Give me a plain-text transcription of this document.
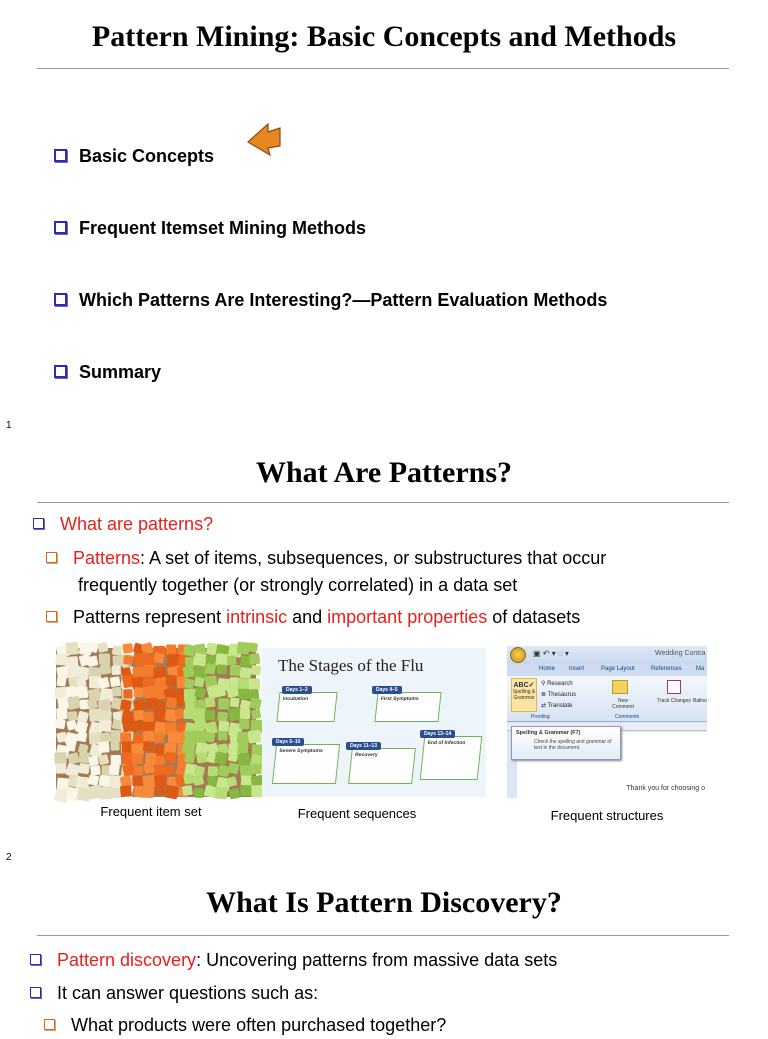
Pattern Mining: Basic Concepts and Methods
Basic Concepts
Frequent Itemset Mining Methods
Which Patterns Are Interesting?—Pattern Evaluation Methods
Summary
1
What Are Patterns?
What are patterns?
Patterns: A set of items, subsequences, or substructures that occur
frequently together (or strongly correlated) in a data set
Patterns represent intrinsic and important properties of datasets
Frequent item set
The Stages of the Flu
Incubation
Days 1–3
First Symptoms
Days 4–5
Severe Symptoms
Days 6–10
Recovery
Days 11–13	End of Infection
Days 13–14
Frequent sequences
▣ ↶ ▾ ◌ ▾	Wedding Contra
Home Insert	Page Layout	References Ma
ABC✓
Spelling & Grammar
⚲ Research
≣ Thesaurus
⇄ Translate
New Comment
Track Changes Balloo
Proofing	Comments
Thank you for choosing o
Spelling & Grammar (F7)
Check the spelling and grammar of text in the document.
Frequent structures
2
What Is Pattern Discovery?
Pattern discovery: Uncovering patterns from massive data sets
It can answer questions such as:
What products were often purchased together?
